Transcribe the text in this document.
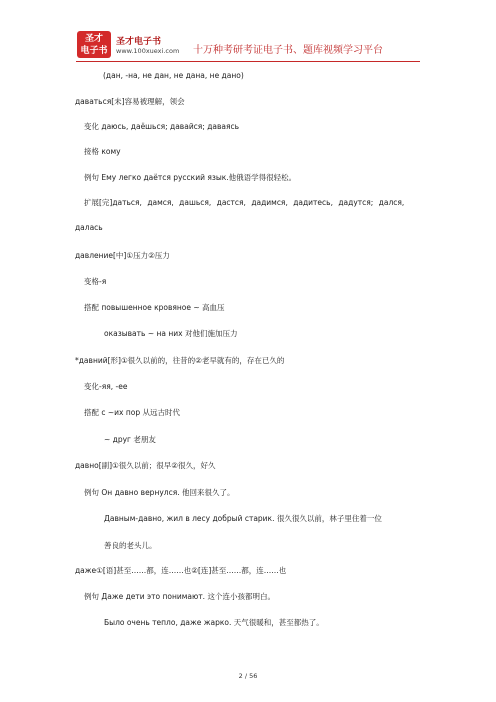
圣才
电子书
圣才电子书
www.100xuexi.com 十万种考研考证电子书、题库视频学习平台
(дан, -на, не дан, не дана, не дано)
даваться[未]容易被理解，领会
变化 даюсь, даёшься; давайся; даваясь
接格 кому
例句 Ему легко даётся русский язык.他俄语学得很轻松。
扩展[完]даться, дамся, дашься, дастся, дадимся, дадитесь, дадутся; дался,
далась
давление[中]①压力②压力
变格-я
搭配 повышенное кровяное ~ 高血压
оказывать ~ на них 对他们施加压力
*давний[形]①很久以前的，往昔的②老早就有的，存在已久的
变化-яя, -ее
搭配 с ~их пор 从远古时代
~ друг 老朋友
давно[副]①很久以前；很早②很久，好久
例句 Он давно вернулся. 他回来很久了。
Давным-давно, жил в лесу добрый старик. 很久很久以前，林子里住着一位
善良的老头儿。
даже①[语]甚至……都，连……也②[连]甚至……都，连……也
例句 Даже дети это понимают. 这个连小孩都明白。
Было очень тепло, даже жарко. 天气很暖和，甚至都热了。
2 / 56
